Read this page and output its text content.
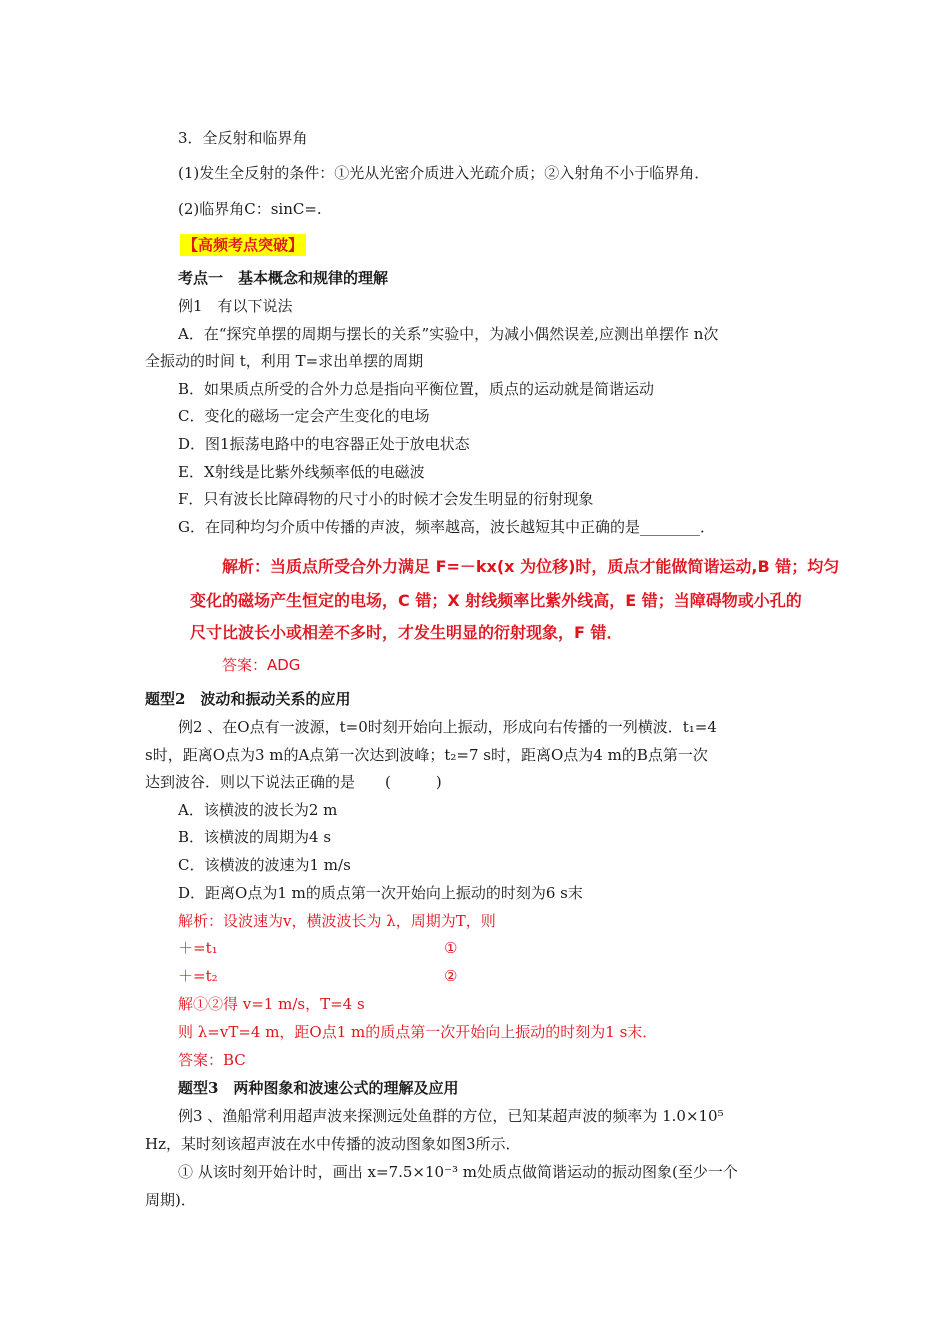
3．全反射和临界角
(1)发生全反射的条件：①光从光密介质进入光疏介质；②入射角不小于临界角．
(2)临界角C：sinC=.
考点一　基本概念和规律的理解
例1　有以下说法
A．在“探究单摆的周期与摆长的关系”实验中，为减小偶然误差,应测出单摆作 n次
全振动的时间 t，利用 T=求出单摆的周期
B．如果质点所受的合外力总是指向平衡位置，质点的运动就是简谐运动
C．变化的磁场一定会产生变化的电场
D．图1振荡电路中的电容器正处于放电状态
E．X射线是比紫外线频率低的电磁波
F．只有波长比障碍物的尺寸小的时候才会发生明显的衍射现象
G．在同种均匀介质中传播的声波，频率越高，波长越短其中正确的是________．
解析：当质点所受合外力满足 F=－kx(x 为位移)时，质点才能做简谐运动,B 错；均匀
变化的磁场产生恒定的电场，C 错；X 射线频率比紫外线高，E 错；当障碍物或小孔的
尺寸比波长小或相差不多时，才发生明显的衍射现象，F 错．
答案：ADG
题型2　波动和振动关系的应用
例2 、在O点有一波源，t=0时刻开始向上振动，形成向右传播的一列横波．t₁=4
s时，距离O点为3 m的A点第一次达到波峰；t₂=7 s时，距离O点为4 m的B点第一次
达到波谷．则以下说法正确的是　　(　　　)
A．该横波的波长为2 m
B．该横波的周期为4 s
C．该横波的波速为1 m/s
D．距离O点为1 m的质点第一次开始向上振动的时刻为6 s末
解析：设波速为v，横波波长为 λ，周期为T，则
＋=t₁	①
＋=t₂	②
解①②得 v=1 m/s，T=4 s
则 λ=vT=4 m，距O点1 m的质点第一次开始向上振动的时刻为1 s末．
答案：BC
题型3　两种图象和波速公式的理解及应用
例3 、渔船常利用超声波来探测远处鱼群的方位，已知某超声波的频率为 1.0×10⁵
Hz，某时刻该超声波在水中传播的波动图象如图3所示．
① 从该时刻开始计时，画出 x=7.5×10⁻³ m处质点做简谐运动的振动图象(至少一个
周期)．
【高频考点突破】
